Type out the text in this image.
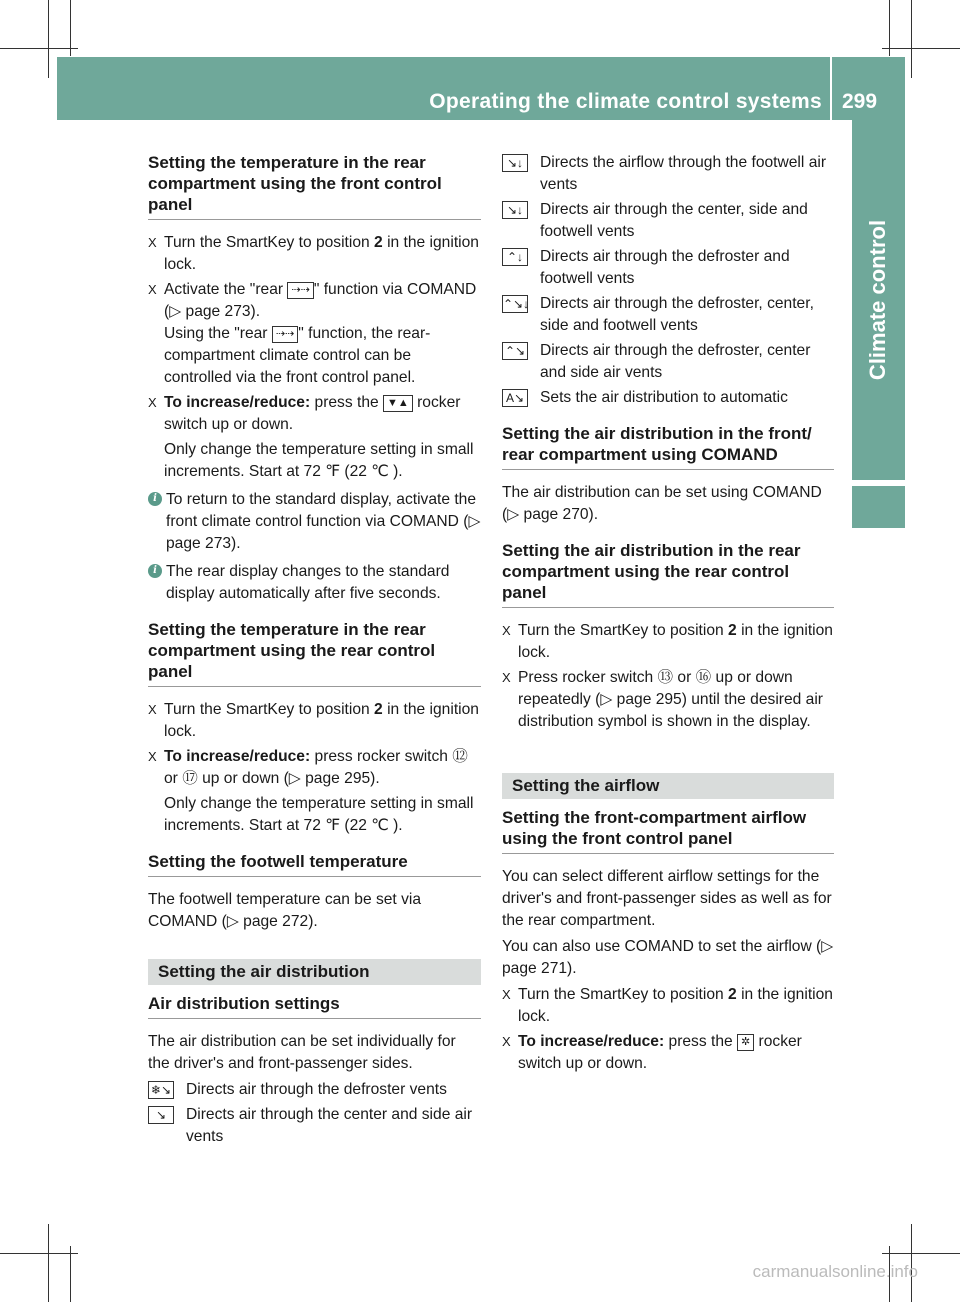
Operating the climate control systems 299
Climate control
Setting the temperature in the rear compartment using the front control panel
X Turn the SmartKey to position 2 in the ignition lock.
X Activate the "rear ⇢⇢ " function via COMAND (▷ page 273).
Using the "rear ⇢⇢ " function, the rear-compartment climate control can be controlled via the front control panel.
X To increase/reduce: press the ▼▲ rocker switch up or down.
Only change the temperature setting in small increments. Start at 72 ℉ (22 ℃ ).
i To return to the standard display, activate the front climate control function via COMAND (▷ page 273).
i The rear display changes to the standard display automatically after five seconds.
Setting the temperature in the rear compartment using the rear control panel
X Turn the SmartKey to position 2 in the ignition lock.
X To increase/reduce: press rocker switch ⑫ or ⑰ up or down (▷ page 295).
Only change the temperature setting in small increments. Start at 72 ℉ (22 ℃ ).
Setting the footwell temperature
The footwell temperature can be set via COMAND (▷ page 272).
Setting the air distribution
Air distribution settings
The air distribution can be set individually for the driver's and front-passenger sides.
❄↘ Directs air through the defroster vents
↘	Directs air through the center and side air vents
↘↓	Directs the airflow through the footwell air vents
↘↓	Directs air through the center, side and footwell vents
⌃↓	Directs air through the defroster and footwell vents
⌃↘↓ Directs air through the defroster, center, side and footwell vents
⌃↘ Directs air through the defroster, center and side air vents
A↘	Sets the air distribution to automatic
Setting the air distribution in the front/ rear compartment using COMAND
The air distribution can be set using COMAND (▷ page 270).
Setting the air distribution in the rear compartment using the rear control panel
X Turn the SmartKey to position 2 in the ignition lock.
X Press rocker switch ⑬ or ⑯ up or down repeatedly (▷ page 295) until the desired air distribution symbol is shown in the display.
Setting the airflow
Setting the front-compartment airflow using the front control panel
You can select different airflow settings for the driver's and front-passenger sides as well as for the rear compartment.
You can also use COMAND to set the airflow (▷ page 271).
X Turn the SmartKey to position 2 in the ignition lock.
X To increase/reduce: press the ✲ rocker switch up or down.
carmanualsonline.info
